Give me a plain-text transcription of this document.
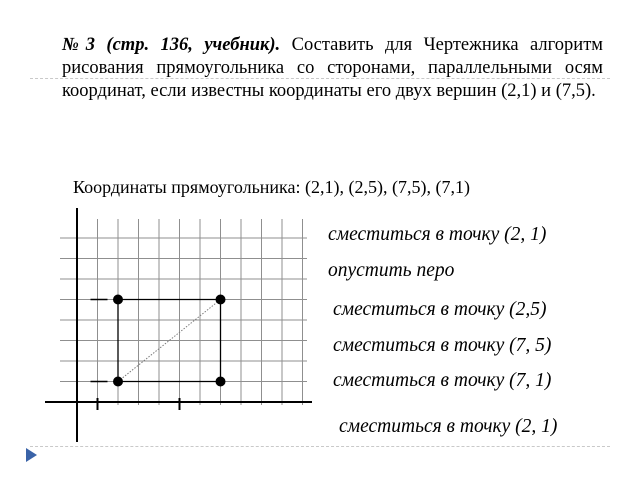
№3 (стр. 136, учебник). Составить для Чертежника алгоритм рисования прямоугольника со сторонами, параллельными осям координат, если известны координаты его двух вершин (2,1) и (7,5).

Координаты прямоугольника: (2,1), (2,5), (7,5), (7,1)
сместиться в точку (2, 1)
опустить перо
сместиться в точку (2,5)
сместиться в точку (7, 5)
сместиться в точку (7, 1)
сместиться в точку (2, 1)
